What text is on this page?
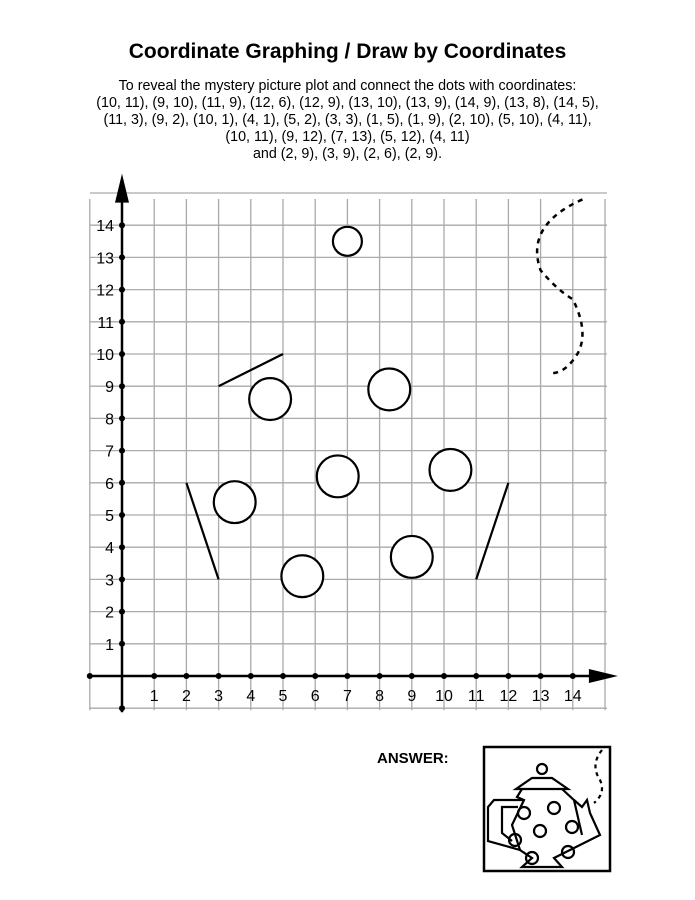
Coordinate Graphing / Draw by Coordinates
To reveal the mystery picture plot and connect the dots with coordinates:
(10, 11), (9, 10), (11, 9), (12, 6), (12, 9), (13, 10), (13, 9), (14, 9), (13, 8), (14, 5),
(11, 3), (9, 2), (10, 1), (4, 1), (5, 2), (3, 3), (1, 5), (1, 9), (2, 10), (5, 10), (4, 11),
(10, 11), (9, 12), (7, 13), (5, 12), (4, 11)
and (2, 9), (3, 9), (2, 6), (2, 9).
1 2 3 4 5 6 7 8 9 10 11 12 13 14
1
2
3
4
5
6
7
8
9
10
11
12
13
14
ANSWER:
